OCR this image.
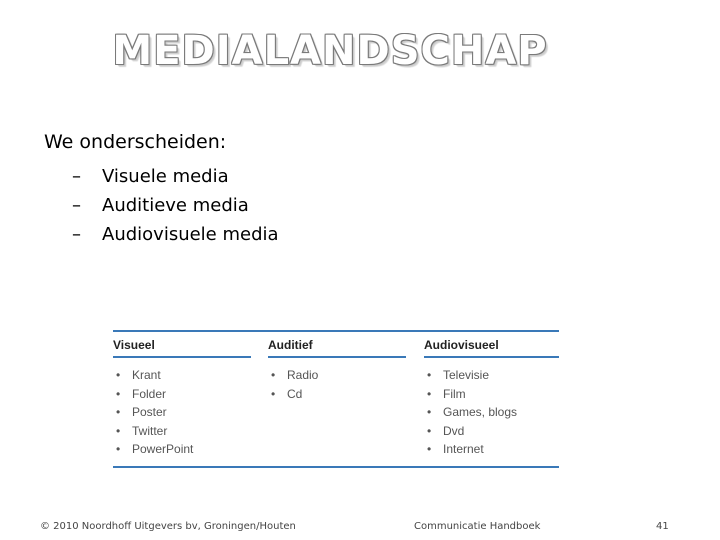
MEDIALANDSCHAP

We onderscheiden:

–	Visuele media
–	Auditieve media
–	Audiovisuele media
Visueel
• Krant
• Folder
• Poster
• Twitter
• PowerPoint
Auditief
• Radio
• Cd
Audiovisueel
• Televisie
• Film
• Games, blogs
• Dvd
• Internet
© 2010 Noordhoff Uitgevers bv, Groningen/Houten	Communicatie Handboek	41
